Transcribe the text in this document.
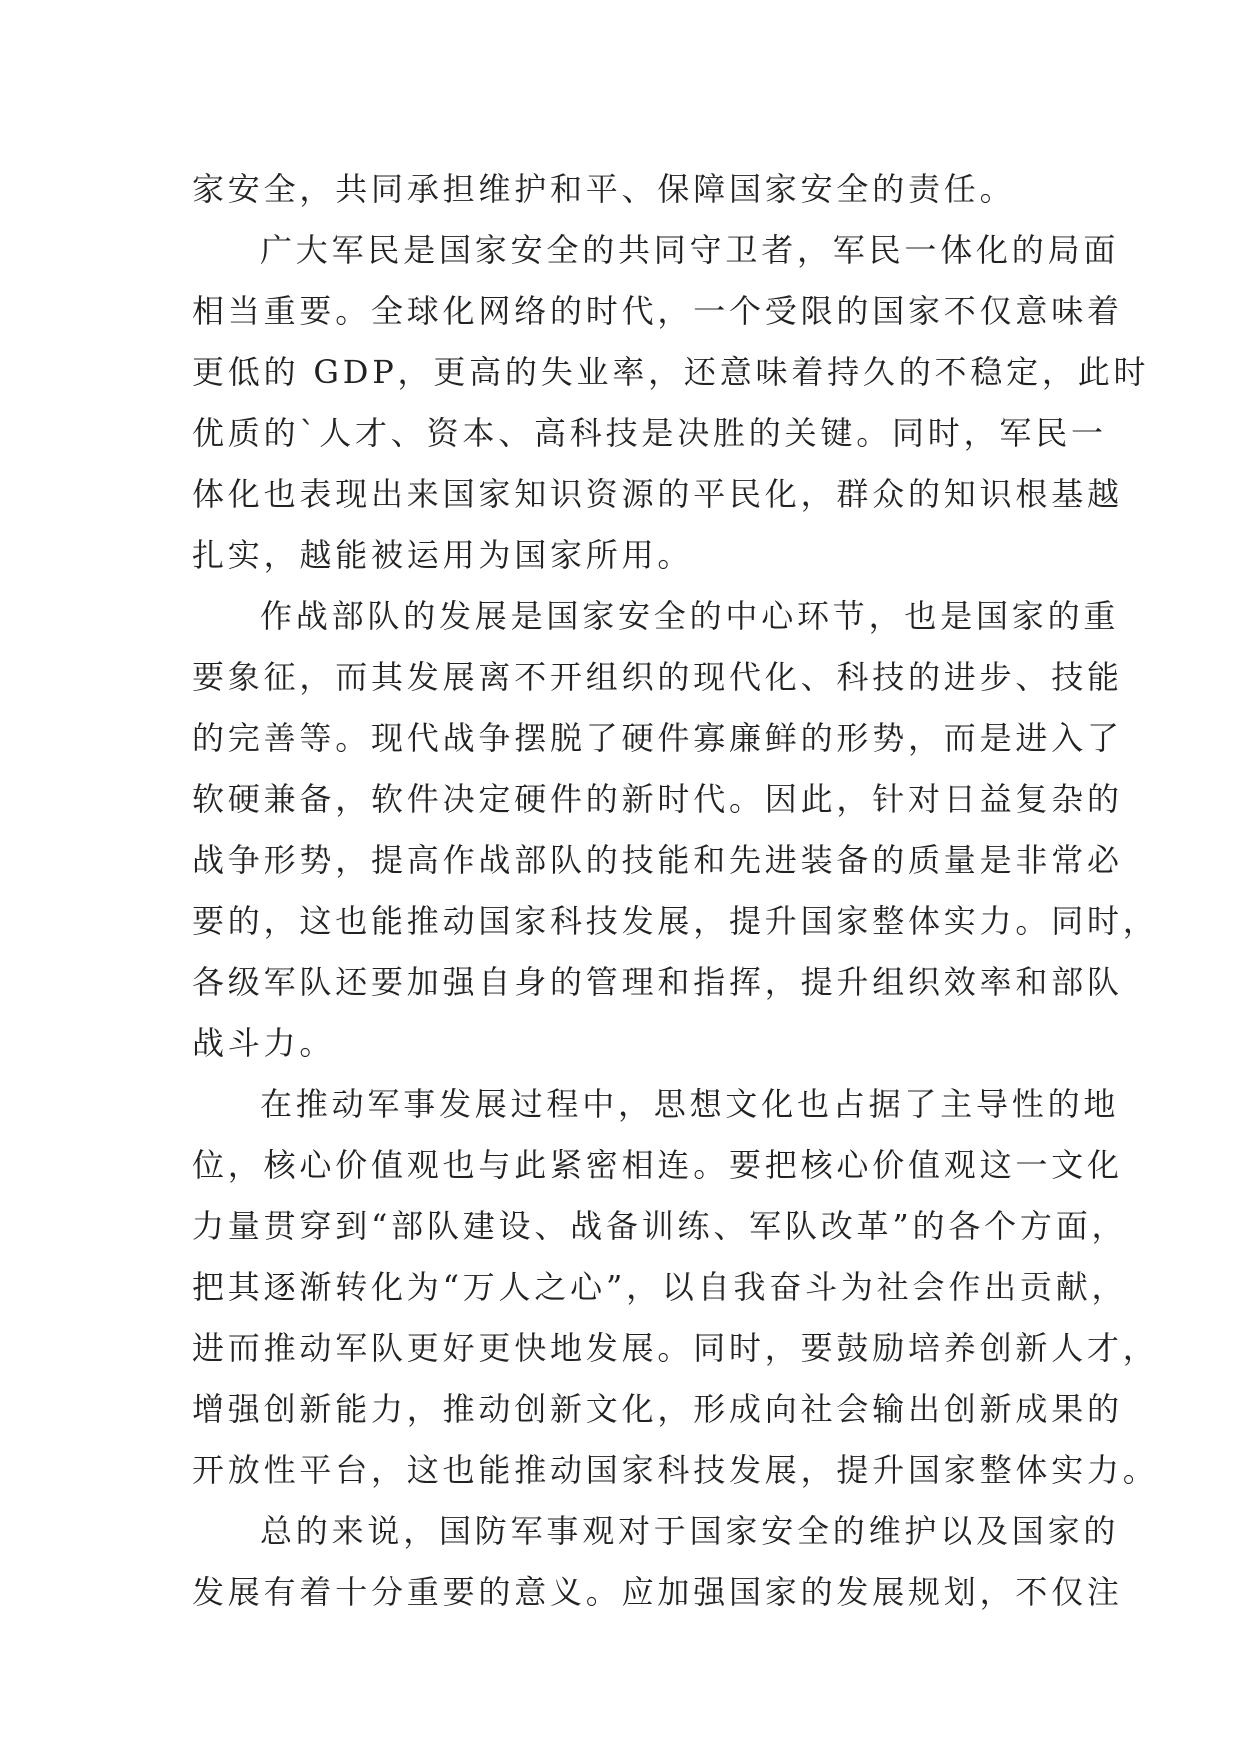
家安全，共同承担维护和平、保障国家安全的责任。
广大军民是国家安全的共同守卫者，军民一体化的局面
相当重要。全球化网络的时代，一个受限的国家不仅意味着
更低的 GDP，更高的失业率，还意味着持久的不稳定，此时
优质的`人才、资本、高科技是决胜的关键。同时，军民一
体化也表现出来国家知识资源的平民化，群众的知识根基越
扎实，越能被运用为国家所用。
作战部队的发展是国家安全的中心环节，也是国家的重
要象征，而其发展离不开组织的现代化、科技的进步、技能
的完善等。现代战争摆脱了硬件寡廉鲜的形势，而是进入了
软硬兼备，软件决定硬件的新时代。因此，针对日益复杂的
战争形势，提高作战部队的技能和先进装备的质量是非常必
要的，这也能推动国家科技发展，提升国家整体实力。同时，
各级军队还要加强自身的管理和指挥，提升组织效率和部队
战斗力。
在推动军事发展过程中，思想文化也占据了主导性的地
位，核心价值观也与此紧密相连。要把核心价值观这一文化
力量贯穿到“部队建设、战备训练、军队改革”的各个方面，
把其逐渐转化为“万人之心”，以自我奋斗为社会作出贡献，
进而推动军队更好更快地发展。同时，要鼓励培养创新人才，
增强创新能力，推动创新文化，形成向社会输出创新成果的
开放性平台，这也能推动国家科技发展，提升国家整体实力。
总的来说，国防军事观对于国家安全的维护以及国家的
发展有着十分重要的意义。应加强国家的发展规划，不仅注
